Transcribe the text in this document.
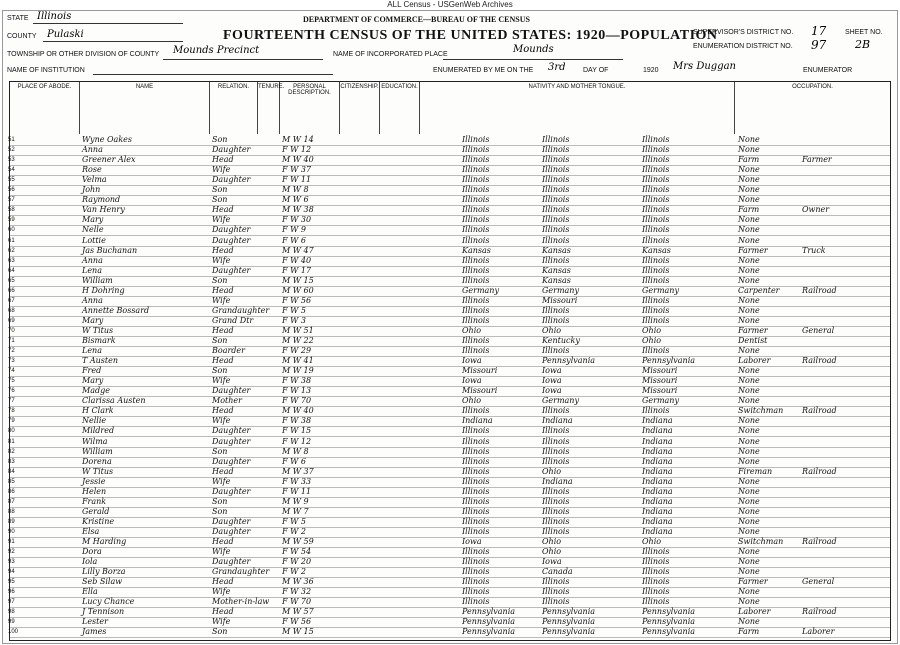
ALL Census - USGenWeb Archives
DEPARTMENT OF COMMERCE—BUREAU OF THE CENSUS
FOURTEENTH CENSUS OF THE UNITED STATES: 1920—POPULATION
STATE Illinois
COUNTY Pulaski
TOWNSHIP OR OTHER DIVISION OF COUNTY Mounds Precinct	NAME OF INCORPORATED PLACE	Mounds
NAME OF INSTITUTION	ENUMERATED BY ME ON THE 3rd DAY OF	1920 Mrs Duggan	ENUMERATOR
SUPERVISOR'S DISTRICT NO. 17
ENUMERATION DISTRICT NO. 97
SHEET NO.
2B
PLACE OF ABODE.	NAME	RELATION.	TENURE.	PERSONAL DESCRIPTION.
CITIZENSHIP. EDUCATION.	NATIVITY AND MOTHER TONGUE.	OCCUPATION.
51	Wyne Oakes	Son	M W 14	Illinois	Illinois	Illinois	None
52	Anna	Daughter	F W 12	Illinois	Illinois	Illinois	None
53	Greener Alex	Head	M W 40	Illinois	Illinois	Illinois	Farm	Farmer
54	Rose	Wife	F W 37	Illinois	Illinois	Illinois	None
55	Velma	Daughter	F W 11	Illinois	Illinois	Illinois	None
56	John	Son	M W 8	Illinois	Illinois	Illinois	None
57	Raymond	Son	M W 6	Illinois	Illinois	Illinois	None
58	Van Henry	Head	M W 38	Illinois	Illinois	Illinois	Farm	Owner
59	Mary	Wife	F W 30	Illinois	Illinois	Illinois	None
60	Nelle	Daughter	F W 9	Illinois	Illinois	Illinois	None
61	Lottie	Daughter	F W 6	Illinois	Illinois	Illinois	None
62	Jas Buchanan	Head	M W 47	Kansas	Kansas	Kansas	Farmer	Truck
63	Anna	Wife	F W 40	Illinois	Illinois	Illinois	None
64	Lena	Daughter	F W 17	Illinois	Kansas	Illinois	None
65	William	Son	M W 15	Illinois	Kansas	Illinois	None
66	H Dohring	Head	M W 60	Germany	Germany	Germany	Carpenter	Railroad
67	Anna	Wife	F W 56	Illinois	Missouri	Illinois	None
68	Annette Bossard	Grandaughter F W 5	Illinois	Illinois	Illinois	None
69	Mary	Grand Dtr	F W 3	Illinois	Illinois	Illinois	None
70	W Titus	Head	M W 51	Ohio	Ohio	Ohio	Farmer	General
71	Bismark	Son	M W 22	Illinois	Kentucky	Ohio	Dentist
72	Lena	Boarder	F W 29	Illinois	Illinois	Illinois	None
73	T Austen	Head	M W 41	Iowa	Pennsylvania	Pennsylvania	Laborer	Railroad
74	Fred	Son	M W 19	Missouri	Iowa	Missouri	None
75	Mary	Wife	F W 38	Iowa	Iowa	Missouri	None
76	Madge	Daughter	F W 13	Missouri	Iowa	Missouri	None
77	Clarissa Austen	Mother	F W 70	Ohio	Germany	Germany	None
78	H Clark	Head	M W 40	Illinois	Illinois	Illinois	Switchman	Railroad
79	Nellie	Wife	F W 38	Indiana	Indiana	Indiana	None
80	Mildred	Daughter	F W 15	Illinois	Illinois	Indiana	None
81	Wilma	Daughter	F W 12	Illinois	Illinois	Indiana	None
82	William	Son	M W 8	Illinois	Illinois	Indiana	None
83	Dorena	Daughter	F W 6	Illinois	Illinois	Indiana	None
84	W Titus	Head	M W 37	Illinois	Ohio	Indiana	Fireman	Railroad
85	Jessie	Wife	F W 33	Illinois	Indiana	Indiana	None
86	Helen	Daughter	F W 11	Illinois	Illinois	Indiana	None
87	Frank	Son	M W 9	Illinois	Illinois	Indiana	None
88	Gerald	Son	M W 7	Illinois	Illinois	Indiana	None
89	Kristine	Daughter	F W 5	Illinois	Illinois	Indiana	None
90	Elsa	Daughter	F W 2	Illinois	Illinois	Indiana	None
91	M Harding	Head	M W 59	Iowa	Ohio	Ohio	Switchman	Railroad
92	Dora	Wife	F W 54	Illinois	Ohio	Illinois	None
93	Iola	Daughter	F W 20	Illinois	Iowa	Illinois	None
94	Lilly Borza	Grandaughter F W 2	Illinois	Canada	Illinois	None
95	Seb Silaw	Head	M W 36	Illinois	Illinois	Illinois	Farmer	General
96	Ella	Wife	F W 32	Illinois	Illinois	Illinois	None
97	Lucy Chance	Mother-in-law F W 70	Illinois	Illinois	Illinois	None
98	J Tennison	Head	M W 57	Pennsylvania	Pennsylvania	Pennsylvania	Laborer	Railroad
99	Lester	Wife	F W 56	Pennsylvania	Pennsylvania	Pennsylvania	None
100	James	Son	M W 15	Pennsylvania	Pennsylvania	Pennsylvania	Farm	Laborer
